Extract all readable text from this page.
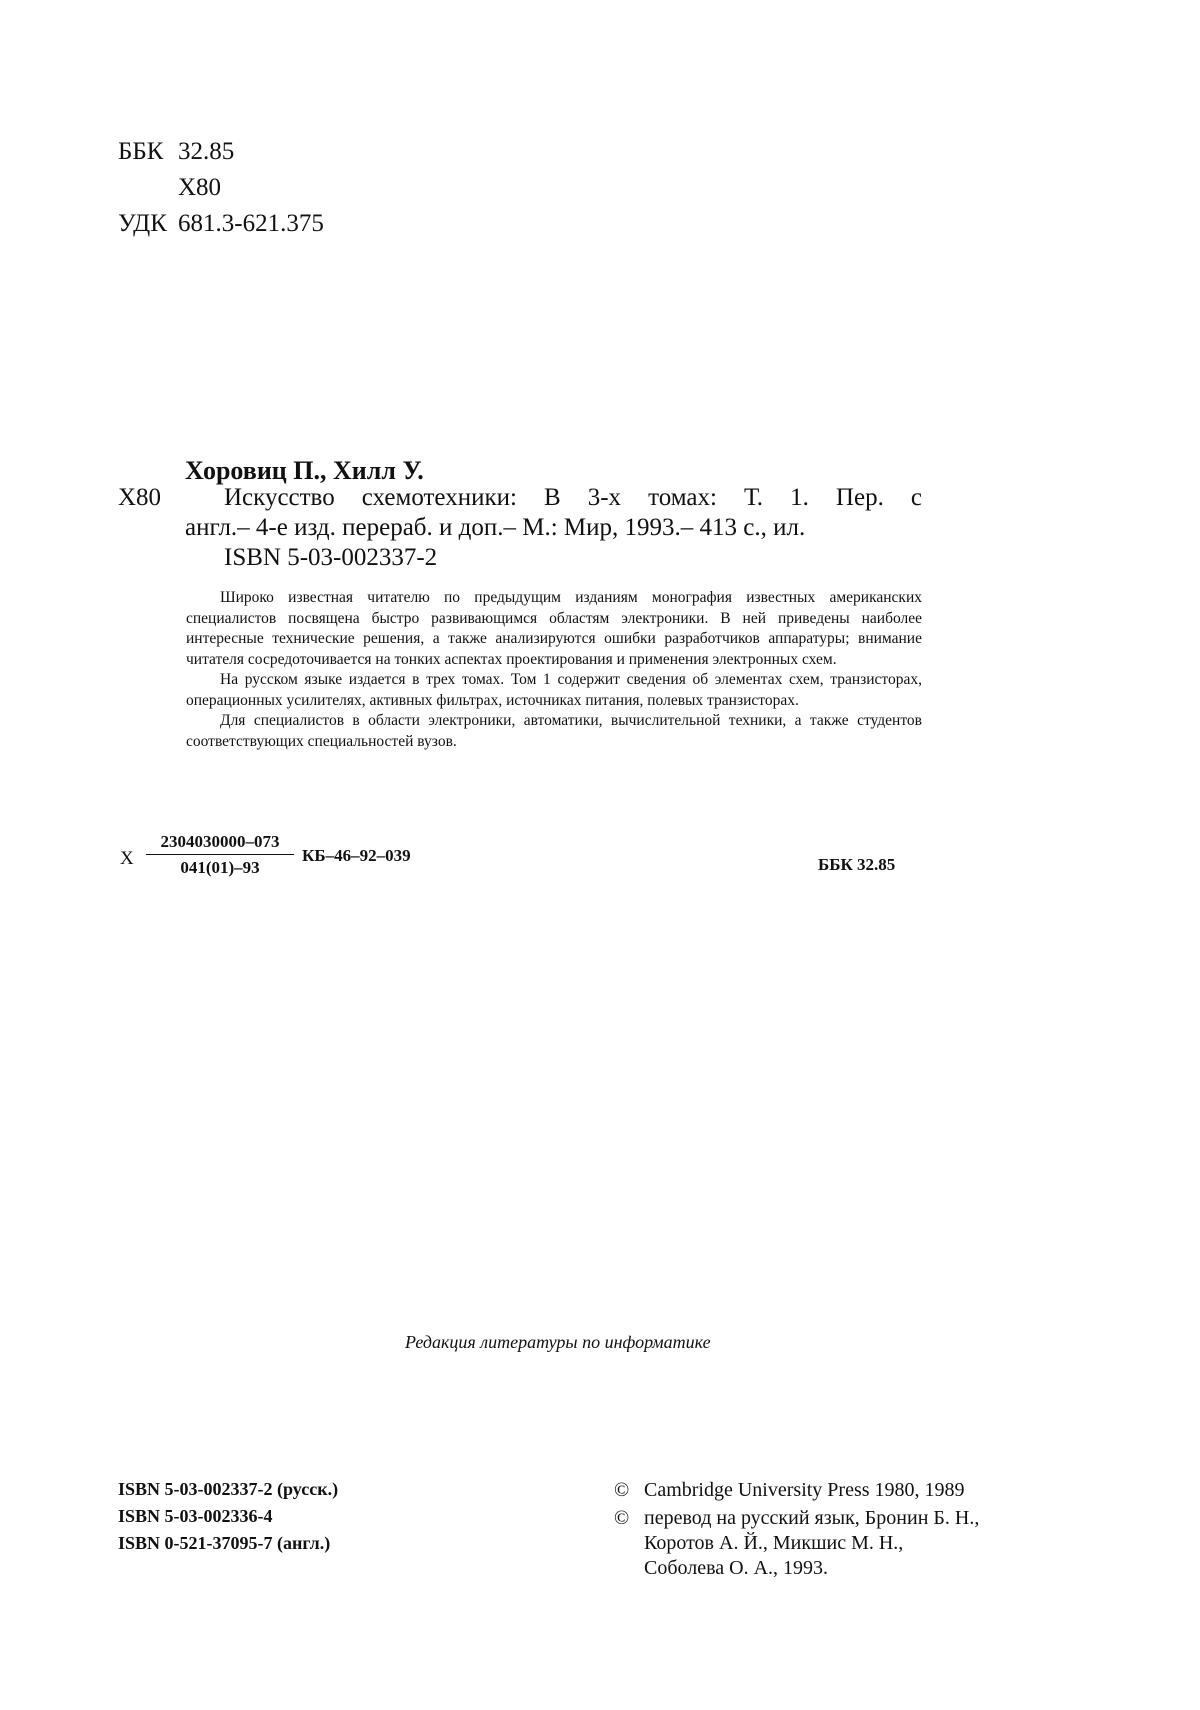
ББК 32.85
Х80
УДК 681.3-621.375
Хоровиц П., Хилл У.
Х80	Искусство схемотехники: В 3-х томах: Т. 1. Пер. с
англ.– 4-е изд. перераб. и доп.– М.: Мир, 1993.– 413 с., ил.
ISBN 5-03-002337-2

Широко известная читателю по предыдущим изданиям монография известных американских специалистов посвящена быстро развивающимся областям электроники. В ней приведены наиболее интересные технические решения, а также анализируются ошибки разработчиков аппаратуры; внимание читателя сосредоточивается на тонких аспектах проектирования и применения электронных схем.

На русском языке издается в трех томах. Том 1 содержит сведения об элементах схем, транзисторах, операционных усилителях, активных фильтрах, источниках питания, полевых транзисторах.

Для специалистов в области электроники, автоматики, вычислительной техники, а также студентов соответствующих специальностей вузов.

Х $\frac{2304030000-073}{041(01)-93} КБ-46-92-039$	ББК 32.85
Редакция литературы по информатике
ISBN 5-03-002337-2 (русск.)
ISBN 5-03-002336-4
ISBN 0-521-37095-7 (англ.)
© Cambridge University Press 1980, 1989
© перевод на русский язык, Бронин Б. Н.,
Коротов А. Й., Микшис М. Н.,
Соболева О. А., 1993.
